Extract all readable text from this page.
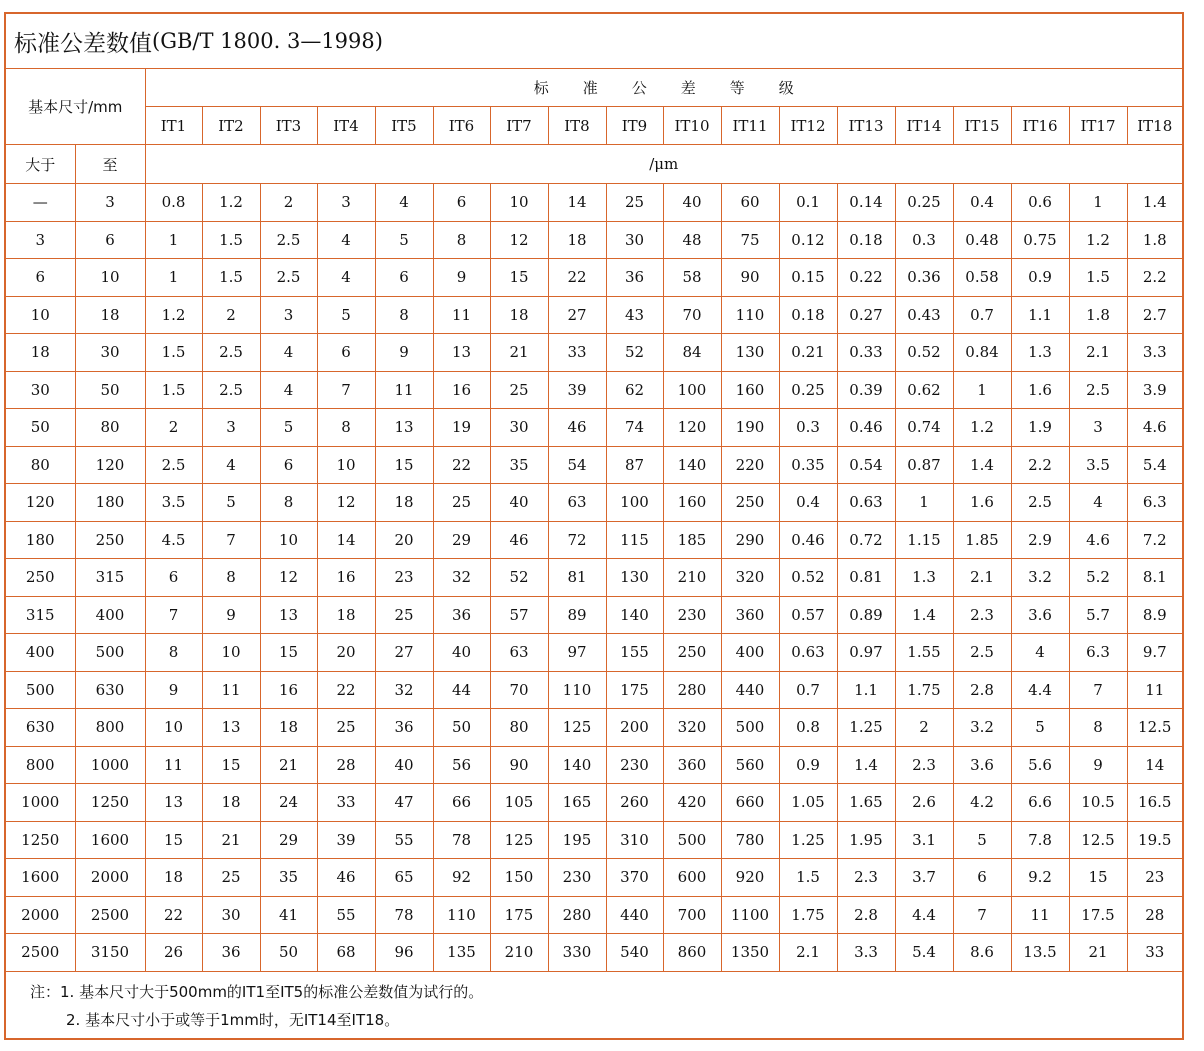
标准公差数值 (GB/T 1800. 3—1998)
基本尺寸/mm		标准公差等级																	
		IT1	IT2	IT3	IT4	IT5	IT6	IT7	IT8	IT9	IT10	IT11	IT12	IT13	IT14	IT15	IT16	IT17	IT18
大于	至	/μm																	
—	3	0.8	1.2	2	3	4	6	10	14	25	40	60	0.1	0.14	0.25	0.4	0.6	1	1.4
3	6	1	1.5	2.5	4	5	8	12	18	30	48	75	0.12	0.18	0.3	0.48	0.75	1.2	1.8
6	10	1	1.5	2.5	4	6	9	15	22	36	58	90	0.15	0.22	0.36	0.58	0.9	1.5	2.2
10	18	1.2	2	3	5	8	11	18	27	43	70	110	0.18	0.27	0.43	0.7	1.1	1.8	2.7
18	30	1.5	2.5	4	6	9	13	21	33	52	84	130	0.21	0.33	0.52	0.84	1.3	2.1	3.3
30	50	1.5	2.5	4	7	11	16	25	39	62	100	160	0.25	0.39	0.62	1	1.6	2.5	3.9
50	80	2	3	5	8	13	19	30	46	74	120	190	0.3	0.46	0.74	1.2	1.9	3	4.6
80	120	2.5	4	6	10	15	22	35	54	87	140	220	0.35	0.54	0.87	1.4	2.2	3.5	5.4
120	180	3.5	5	8	12	18	25	40	63	100	160	250	0.4	0.63	1	1.6	2.5	4	6.3
180	250	4.5	7	10	14	20	29	46	72	115	185	290	0.46	0.72	1.15	1.85	2.9	4.6	7.2
250	315	6	8	12	16	23	32	52	81	130	210	320	0.52	0.81	1.3	2.1	3.2	5.2	8.1
315	400	7	9	13	18	25	36	57	89	140	230	360	0.57	0.89	1.4	2.3	3.6	5.7	8.9
400	500	8	10	15	20	27	40	63	97	155	250	400	0.63	0.97	1.55	2.5	4	6.3	9.7
500	630	9	11	16	22	32	44	70	110	175	280	440	0.7	1.1	1.75	2.8	4.4	7	11
630	800	10	13	18	25	36	50	80	125	200	320	500	0.8	1.25	2	3.2	5	8	12.5
800	1000	11	15	21	28	40	56	90	140	230	360	560	0.9	1.4	2.3	3.6	5.6	9	14
1000	1250	13	18	24	33	47	66	105	165	260	420	660	1.05	1.65	2.6	4.2	6.6	10.5	16.5
1250	1600	15	21	29	39	55	78	125	195	310	500	780	1.25	1.95	3.1	5	7.8	12.5	19.5
1600	2000	18	25	35	46	65	92	150	230	370	600	920	1.5	2.3	3.7	6	9.2	15	23
2000	2500	22	30	41	55	78	110	175	280	440	700	1100	1.75	2.8	4.4	7	11	17.5	28
2500	3150	26	36	50	68	96	135	210	330	540	860	1350	2.1	3.3	5.4	8.6	13.5	21	33
注：1. 基本尺寸大于500mm的IT1至IT5的标准公差数值为试行的。
2. 基本尺寸小于或等于1mm时，无IT14至IT18。
